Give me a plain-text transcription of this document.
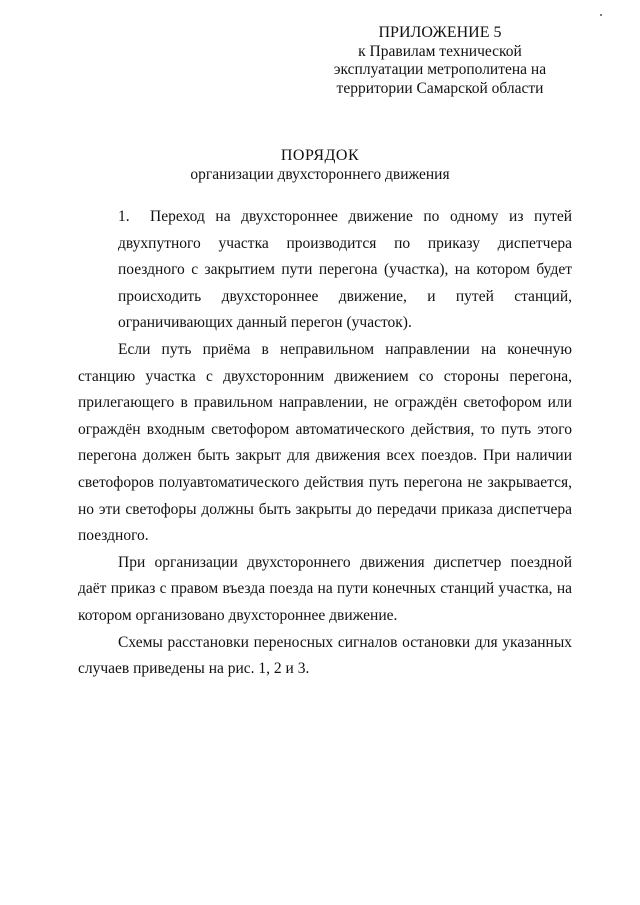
ПРИЛОЖЕНИЕ 5
к Правилам технической
эксплуатации метрополитена на
территории Самарской области
ПОРЯДОК
организации двухстороннего движения

1. Переход на двухстороннее движение по одному из путей двухпутного участка производится по приказу диспетчера поездного с закрытием пути перегона (участка), на котором будет происходить двухстороннее движение, и путей станций, ограничивающих данный перегон (участок).

Если путь приёма в неправильном направлении на конечную станцию участка с двухсторонним движением со стороны перегона, прилегающего в правильном направлении, не ограждён светофором или ограждён входным светофором автоматического действия, то путь этого перегона должен быть закрыт для движения всех поездов. При наличии светофоров полуавтоматического действия путь перегона не закрывается, но эти светофоры должны быть закрыты до передачи приказа диспетчера поездного.

При организации двухстороннего движения диспетчер поездной даёт приказ с правом въезда поезда на пути конечных станций участка, на котором организовано двухстороннее движение.

Схемы расстановки переносных сигналов остановки для указанных случаев приведены на рис. 1, 2 и 3.
